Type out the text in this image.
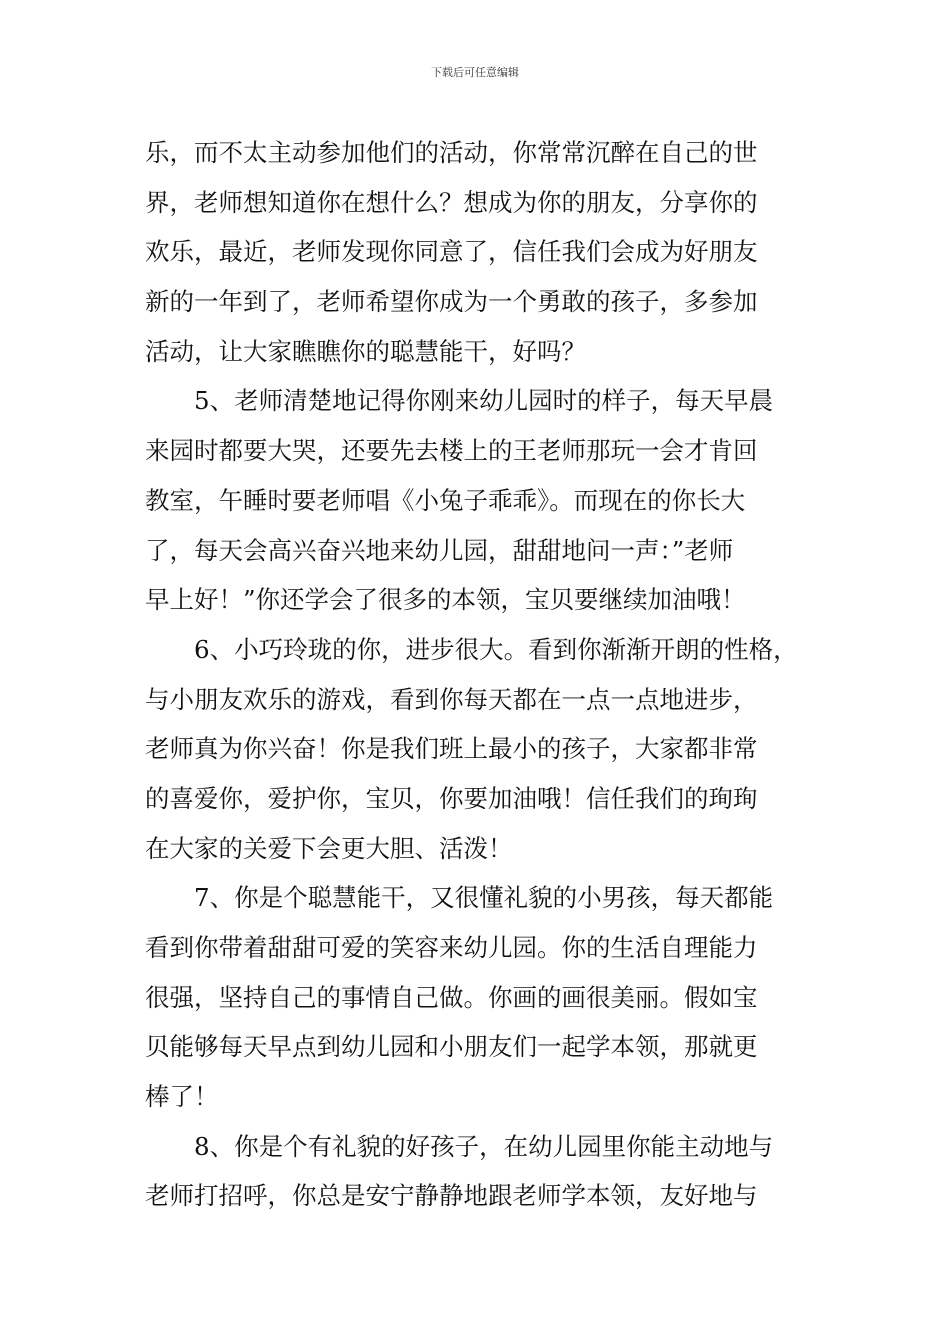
下载后可任意编辑
乐，而不太主动参加他们的活动，你常常沉醉在自己的世
界，老师想知道你在想什么？想成为你的朋友，分享你的
欢乐，最近，老师发现你同意了，信任我们会成为好朋友
新的一年到了，老师希望你成为一个勇敢的孩子，多参加
活动，让大家瞧瞧你的聪慧能干，好吗？
5、老师清楚地记得你刚来幼儿园时的样子，每天早晨
来园时都要大哭，还要先去楼上的王老师那玩一会才肯回
教室，午睡时要老师唱《小兔子乖乖》。而现在的你长大
了，每天会高兴奋兴地来幼儿园，甜甜地问一声：”老师
早上好！”你还学会了很多的本领，宝贝要继续加油哦！
6、小巧玲珑的你，进步很大。看到你渐渐开朗的性格，
与小朋友欢乐的游戏，看到你每天都在一点一点地进步，
老师真为你兴奋！你是我们班上最小的孩子，大家都非常
的喜爱你，爱护你，宝贝，你要加油哦！信任我们的珣珣
在大家的关爱下会更大胆、活泼！
7、你是个聪慧能干，又很懂礼貌的小男孩，每天都能
看到你带着甜甜可爱的笑容来幼儿园。你的生活自理能力
很强，坚持自己的事情自己做。你画的画很美丽。假如宝
贝能够每天早点到幼儿园和小朋友们一起学本领，那就更
棒了！
8、你是个有礼貌的好孩子，在幼儿园里你能主动地与
老师打招呼，你总是安宁静静地跟老师学本领，友好地与
